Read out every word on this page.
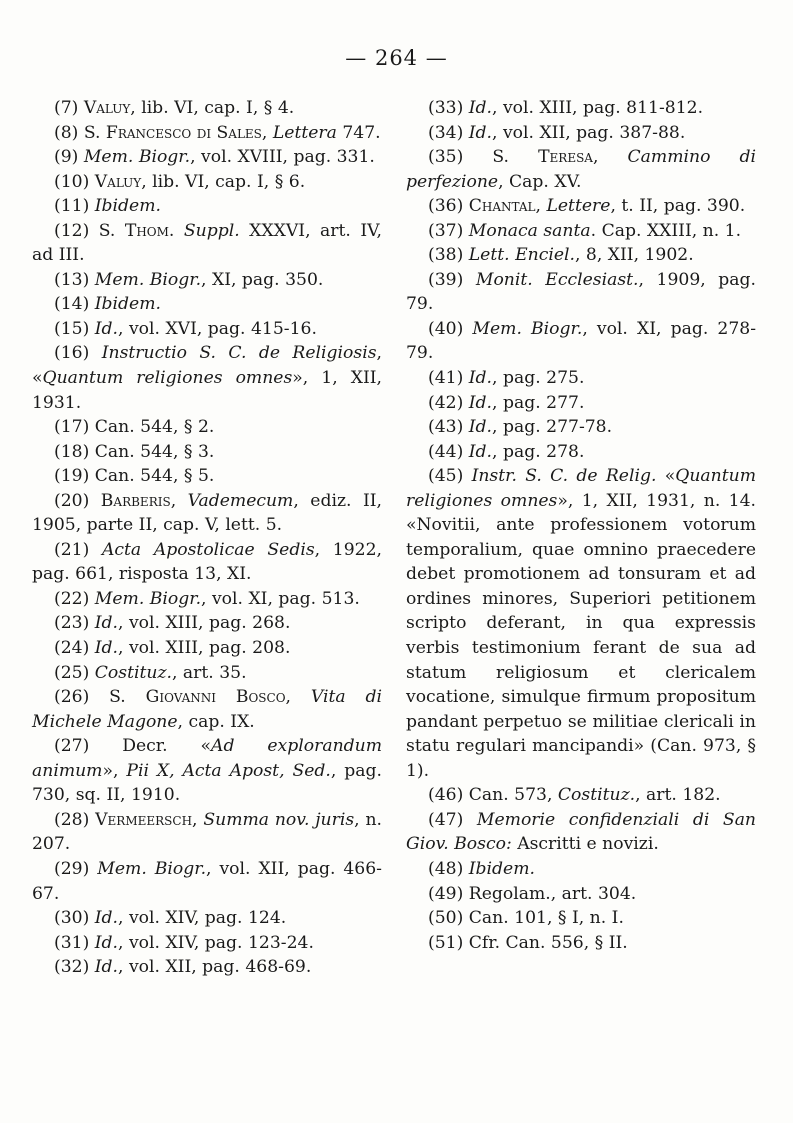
— 264 —
(7) Valuy, lib. VI, cap. I, § 4.
(8) S. Francesco di Sales, Lettera 747.
(9) Mem. Biogr., vol. XVIII, pag. 331.
(10) Valuy, lib. VI, cap. I, § 6.
(11) Ibidem.
(12) S. Thom. Suppl. XXXVI, art. IV, ad III.
(13) Mem. Biogr., XI, pag. 350.
(14) Ibidem.
(15) Id., vol. XVI, pag. 415-16.
(16) Instructio S. C. de Religiosis, «Quantum religiones omnes», 1, XII, 1931.
(17) Can. 544, § 2.
(18) Can. 544, § 3.
(19) Can. 544, § 5.
(20) Barberis, Vademecum, ediz. II, 1905, parte II, cap. V, lett. 5.
(21) Acta Apostolicae Sedis, 1922, pag. 661, risposta 13, XI.
(22) Mem. Biogr., vol. XI, pag. 513.
(23) Id., vol. XIII, pag. 268.
(24) Id., vol. XIII, pag. 208.
(25) Costituz., art. 35.
(26) S. Giovanni Bosco, Vita di Michele Magone, cap. IX.
(27) Decr. «Ad explorandum animum», Pii X, Acta Apost, Sed., pag. 730, sq. II, 1910.
(28) Vermeersch, Summa nov. juris, n. 207.
(29) Mem. Biogr., vol. XII, pag. 466-67.
(30) Id., vol. XIV, pag. 124.
(31) Id., vol. XIV, pag. 123-24.
(32) Id., vol. XII, pag. 468-69.
(33) Id., vol. XIII, pag. 811-812.
(34) Id., vol. XII, pag. 387-88.
(35) S. Teresa, Cammino di perfezione, Cap. XV.
(36) Chantal, Lettere, t. II, pag. 390.
(37) Monaca santa. Cap. XXIII, n. 1.
(38) Lett. Enciel., 8, XII, 1902.
(39) Monit. Ecclesiast., 1909, pag. 79.
(40) Mem. Biogr., vol. XI, pag. 278-79.
(41) Id., pag. 275.
(42) Id., pag. 277.
(43) Id., pag. 277-78.
(44) Id., pag. 278.
(45) Instr. S. C. de Relig. «Quantum religiones omnes», 1, XII, 1931, n. 14. «Novitii, ante professionem votorum temporalium, quae omnino praecedere debet promotionem ad tonsuram et ad ordines minores, Superiori petitionem scripto deferant, in qua expressis verbis testimonium ferant de sua ad statum religiosum et clericalem vocatione, simulque firmum propositum pandant perpetuo se militiae clericali in statu regulari mancipandi» (Can. 973, § 1).
(46) Can. 573, Costituz., art. 182.
(47) Memorie confidenziali di San Giov. Bosco: Ascritti e novizi.
(48) Ibidem.
(49) Regolam., art. 304.
(50) Can. 101, § I, n. I.
(51) Cfr. Can. 556, § II.
